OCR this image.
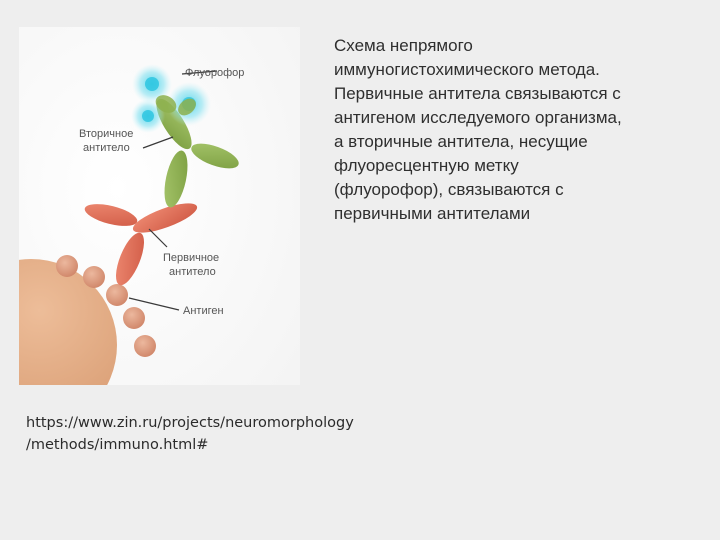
Флуорофор
Вторичное
антитело
Первичное
антитело
Антиген
Схема непрямого
иммуногистохимического метода.
Первичные антитела связываются с
антигеном исследуемого организма,
а вторичные антитела, несущие
флуоресцентную метку
(флуорофор), связываются с
первичными антителами
https://www.zin.ru/projects/neuromorphology
/methods/immuno.html#
